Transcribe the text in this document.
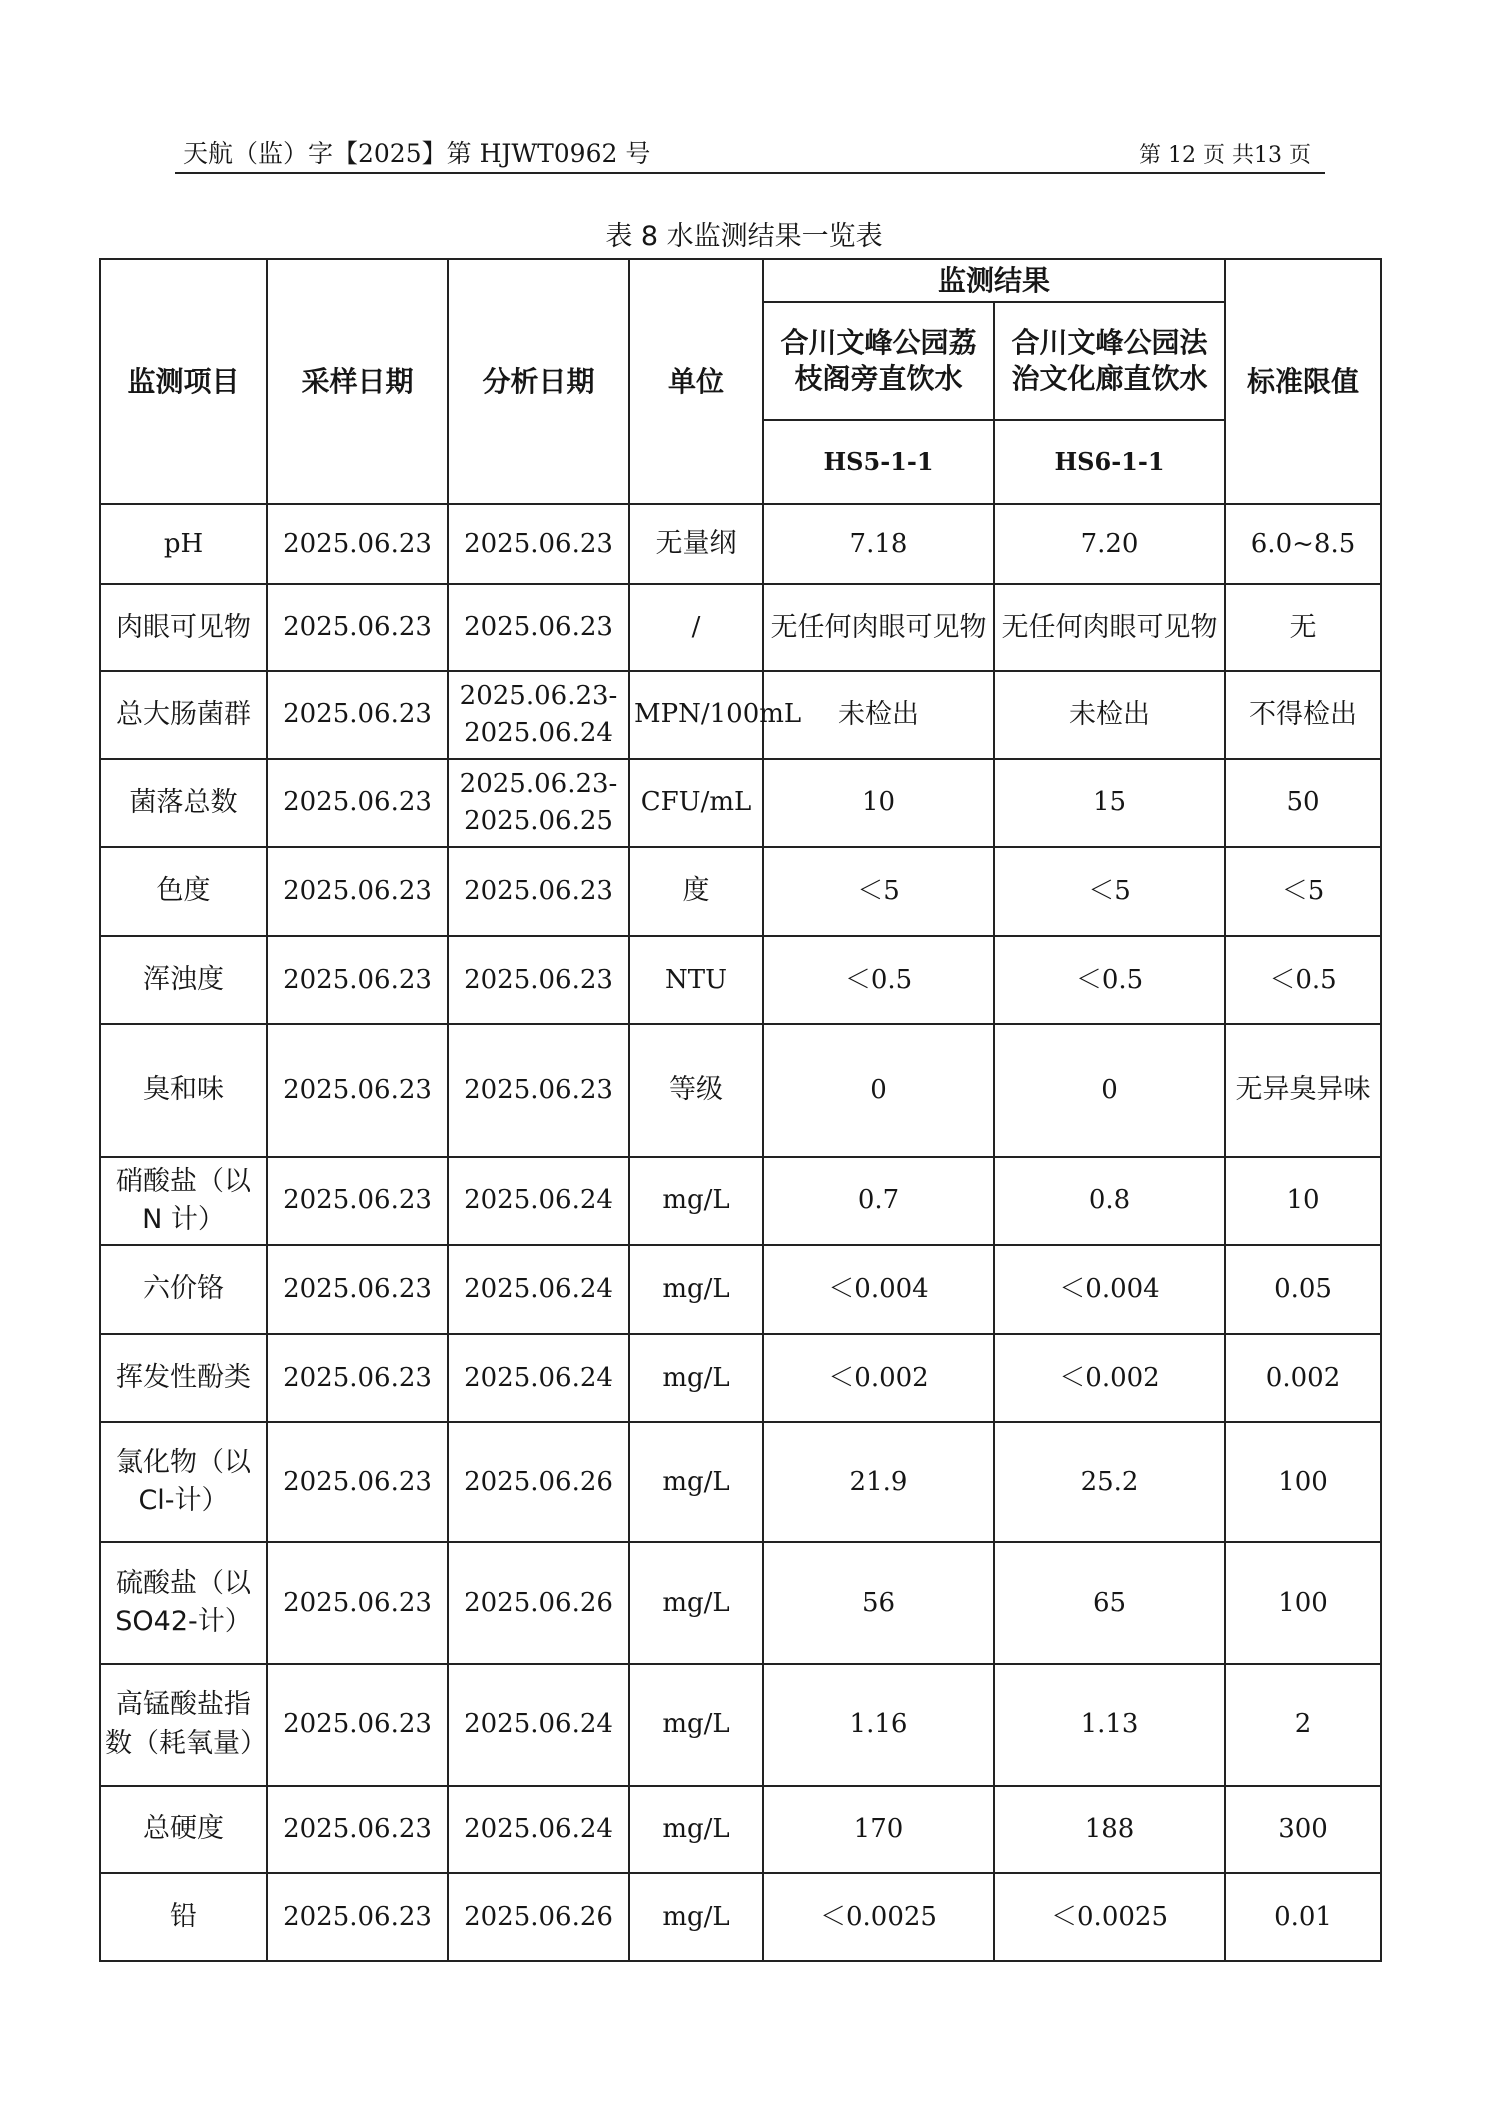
天航（监）字【2025】第 HJWT0962 号	第 12 页 共13 页
表 8 水监测结果一览表
监测项目	采样日期	分析日期	单位	监测结果		标准限值
				合川文峰公园荔枝阁旁直饮水	合川文峰公园法治文化廊直饮水	
				HS5-1-1	HS6-1-1	
pH	2025.06.23	2025.06.23	无量纲	7.18	7.20	6.0~8.5
肉眼可见物	2025.06.23	2025.06.23	/	无任何肉眼可见物	无任何肉眼可见物	无
总大肠菌群	2025.06.23	2025.06.23-2025.06.24	MPN/100mL	未检出	未检出	不得检出
菌落总数	2025.06.23	2025.06.23-2025.06.25	CFU/mL	10	15	50
色度	2025.06.23	2025.06.23	度	＜5	＜5	＜5
浑浊度	2025.06.23	2025.06.23	NTU	＜0.5	＜0.5	＜0.5
臭和味	2025.06.23	2025.06.23	等级	0	0	无异臭异味
硝酸盐（以 N 计）	2025.06.23	2025.06.24	mg/L	0.7	0.8	10
六价铬	2025.06.23	2025.06.24	mg/L	＜0.004	＜0.004	0.05
挥发性酚类	2025.06.23	2025.06.24	mg/L	＜0.002	＜0.002	0.002
氯化物（以 Cl-计）	2025.06.23	2025.06.26	mg/L	21.9	25.2	100
硫酸盐（以 SO42-计）	2025.06.23	2025.06.26	mg/L	56	65	100
高锰酸盐指数（耗氧量）	2025.06.23	2025.06.24	mg/L	1.16	1.13	2
总硬度	2025.06.23	2025.06.24	mg/L	170	188	300
铅	2025.06.23	2025.06.26	mg/L	＜0.0025	＜0.0025	0.01
